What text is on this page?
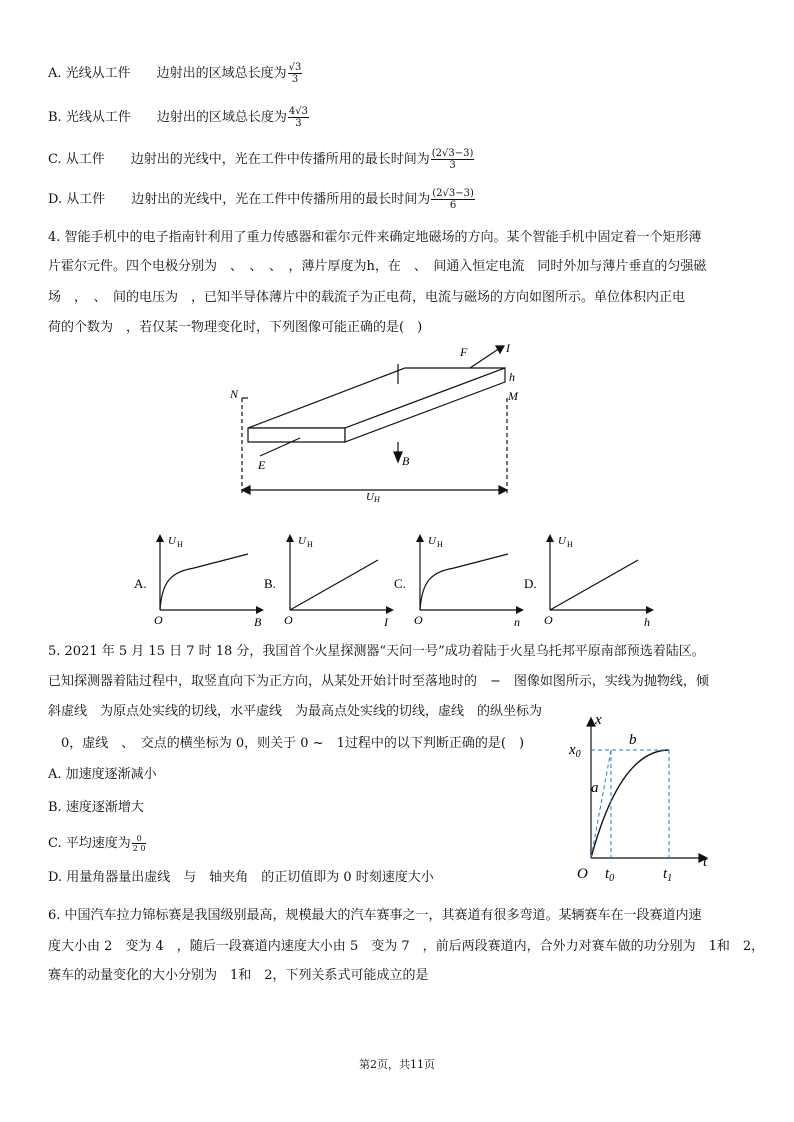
A. 光线从工件　　边射出的区域总长度为 $\frac{√3}{3}$
B. 光线从工件　　边射出的区域总长度为 $\frac{4√3}{3}$
C. 从工件　　边射出的光线中，光在工件中传播所用的最长时间为 $\frac{(2√3-3)}{3}$
D. 从工件　　边射出的光线中，光在工件中传播所用的最长时间为 $\frac{(2√3-3)}{6}$
4. 智能手机中的电子指南针利用了重力传感器和霍尔元件来确定地磁场的方向。某个智能手机中固定着一个矩形薄
片霍尔元件。四个电极分别为　、　、　、　，薄片厚度为h，在　、　间通入恒定电流　同时外加与薄片垂直的匀强磁
场　，　、　间的电压为　，已知半导体薄片中的载流子为正电荷，电流与磁场的方向如图所示。单位体积内正电
荷的个数为　，若仅某一物理变化时，下列图像可能正确的是(　)
N	M
F	I
h
E	B
UH
A.
O	B
U H
B.
O	I
U H
C.
O	n
U H
D.
O	h
U H
5. 2021 年 5 月 15 日 7 时 18 分，我国首个火星探测器“天问一号”成功着陆于火星乌托邦平原南部预选着陆区。
已知探测器着陆过程中，取竖直向下为正方向，从某处开始计时至落地时的　−　图像如图所示，实线为抛物线，倾
斜虚线　为原点处实线的切线，水平虚线　为最高点处实线的切线，虚线　的纵坐标为
　0，虚线　、　交点的横坐标为 0，则关于 0 ~　1过程中的以下判断正确的是(　)
A. 加速度逐渐减小
B. 速度逐渐增大
C. 平均速度为 $\frac{0}{2 0}$
D. 用量角器量出虚线　与　轴夹角　的正切值即为 0 时刻速度大小
x
$x_0$
b
a
O $t_0$	$t_1$
t
6. 中国汽车拉力锦标赛是我国级别最高，规模最大的汽车赛事之一，其赛道有很多弯道。某辆赛车在一段赛道内速
度大小由 2　变为 4　，随后一段赛道内速度大小由 5　变为 7　，前后两段赛道内，合外力对赛车做的功分别为　1和　2，
赛车的动量变化的大小分别为　1和　2，下列关系式可能成立的是
第2页，共11页
